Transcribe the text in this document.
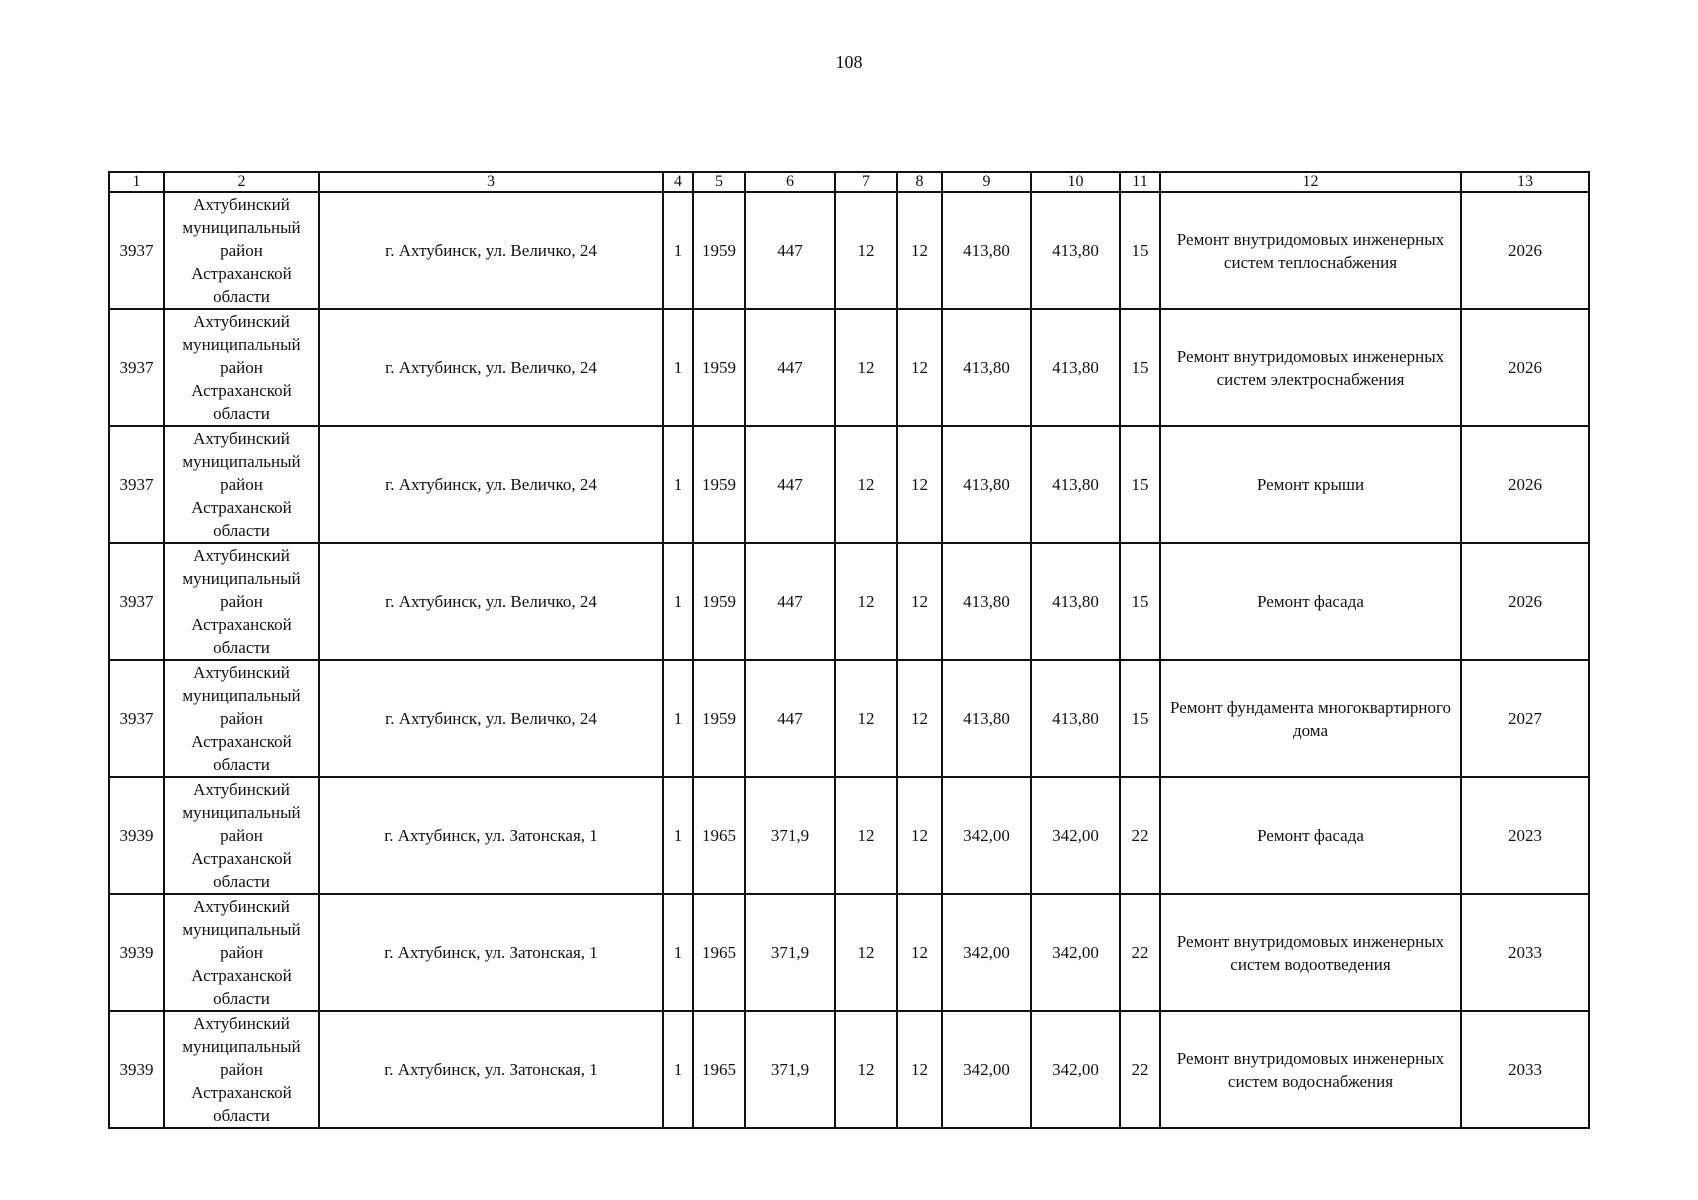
108
1	2	3	4	5	6	7	8	9	10	11	12	13
3937	Ахтубинский
муниципальный
район
Астраханской
области	г. Ахтубинск, ул. Величко, 24	1	1959	447	12	12	413,80	413,80	15	Ремонт внутридомовых инженерных систем теплоснабжения	2026
3937	Ахтубинский
муниципальный
район
Астраханской
области	г. Ахтубинск, ул. Величко, 24	1	1959	447	12	12	413,80	413,80	15	Ремонт внутридомовых инженерных систем электроснабжения	2026
3937	Ахтубинский
муниципальный
район
Астраханской
области	г. Ахтубинск, ул. Величко, 24	1	1959	447	12	12	413,80	413,80	15	Ремонт крыши	2026
3937	Ахтубинский
муниципальный
район
Астраханской
области	г. Ахтубинск, ул. Величко, 24	1	1959	447	12	12	413,80	413,80	15	Ремонт фасада	2026
3937	Ахтубинский
муниципальный
район
Астраханской
области	г. Ахтубинск, ул. Величко, 24	1	1959	447	12	12	413,80	413,80	15	Ремонт фундамента многоквартирного дома	2027
3939	Ахтубинский
муниципальный
район
Астраханской
области	г. Ахтубинск, ул. Затонская, 1	1	1965	371,9	12	12	342,00	342,00	22	Ремонт фасада	2023
3939	Ахтубинский
муниципальный
район
Астраханской
области	г. Ахтубинск, ул. Затонская, 1	1	1965	371,9	12	12	342,00	342,00	22	Ремонт внутридомовых инженерных систем водоотведения	2033
3939	Ахтубинский
муниципальный
район
Астраханской
области	г. Ахтубинск, ул. Затонская, 1	1	1965	371,9	12	12	342,00	342,00	22	Ремонт внутридомовых инженерных систем водоснабжения	2033
